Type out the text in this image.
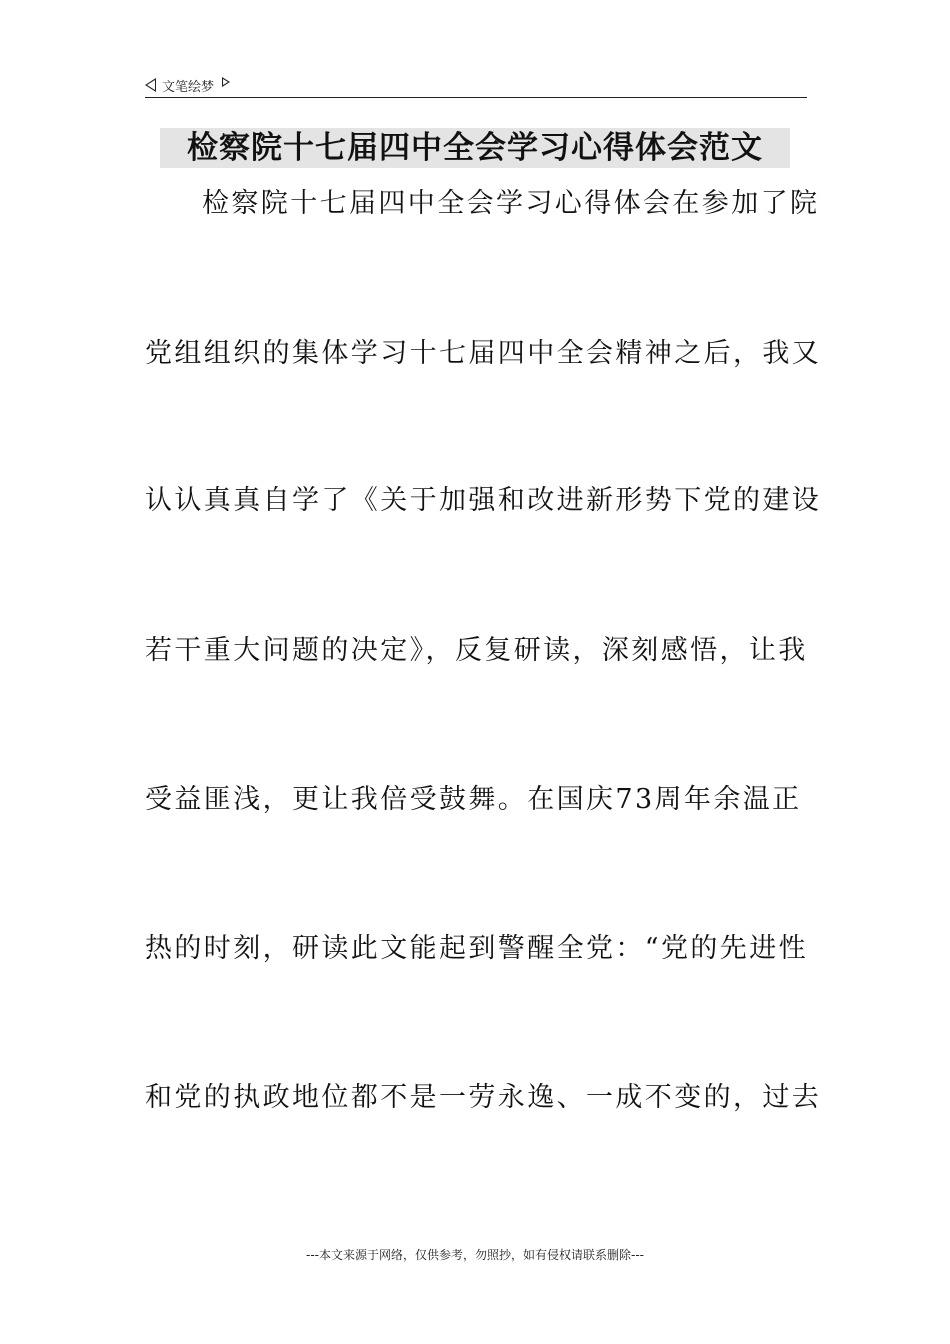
文笔绘梦
检察院十七届四中全会学习心得体会范文
检察院十七届四中全会学习心得体会在参加了院
党组组织的集体学习十七届四中全会精神之后，我又
认认真真自学了《关于加强和改进新形势下党的建设
若干重大问题的决定》，反复研读，深刻感悟，让我
受益匪浅，更让我倍受鼓舞。在国庆73周年余温正
热的时刻，研读此文能起到警醒全党：“党的先进性
和党的执政地位都不是一劳永逸、一成不变的，过去
---本文来源于网络，仅供参考，勿照抄，如有侵权请联系删除---
